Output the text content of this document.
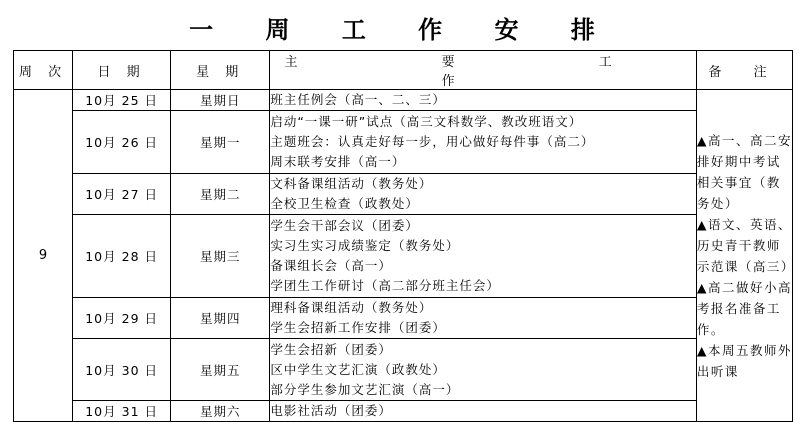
一 周 工 作 安 排
周 次	日 期	星 期	主 要 工 作	备 注
9	10月 25 日	星期日	班主任例会（高一、二、三）	▲高一、高二安排好期中考试相关事宜（教务处）
▲语文、英语、历史青干教师示范课（高三）
▲高二做好小高考报名准备工作。
▲本周五教师外出听课

	10月 26 日	星期一	启动“一课一研”试点（高三文科数学、教改班语文）
主题班会：认真走好每一步，用心做好每件事（高二）
周末联考安排（高一）	

	10月 27 日	星期二	文科备课组活动（教务处）
全校卫生检查（政教处）	

	10月 28 日	星期三	学生会干部会议（团委）
实习生实习成绩鉴定（教务处）
备课组长会（高一）
学团生工作研讨（高二部分班主任会）	

	10月 29 日	星期四	理科备课组活动（教务处）
学生会招新工作安排（团委）	

	10月 30 日	星期五	学生会招新（团委）
区中学生文艺汇演（政教处）
部分学生参加文艺汇演（高一）	

	10月 31 日	星期六	电影社活动（团委）	
